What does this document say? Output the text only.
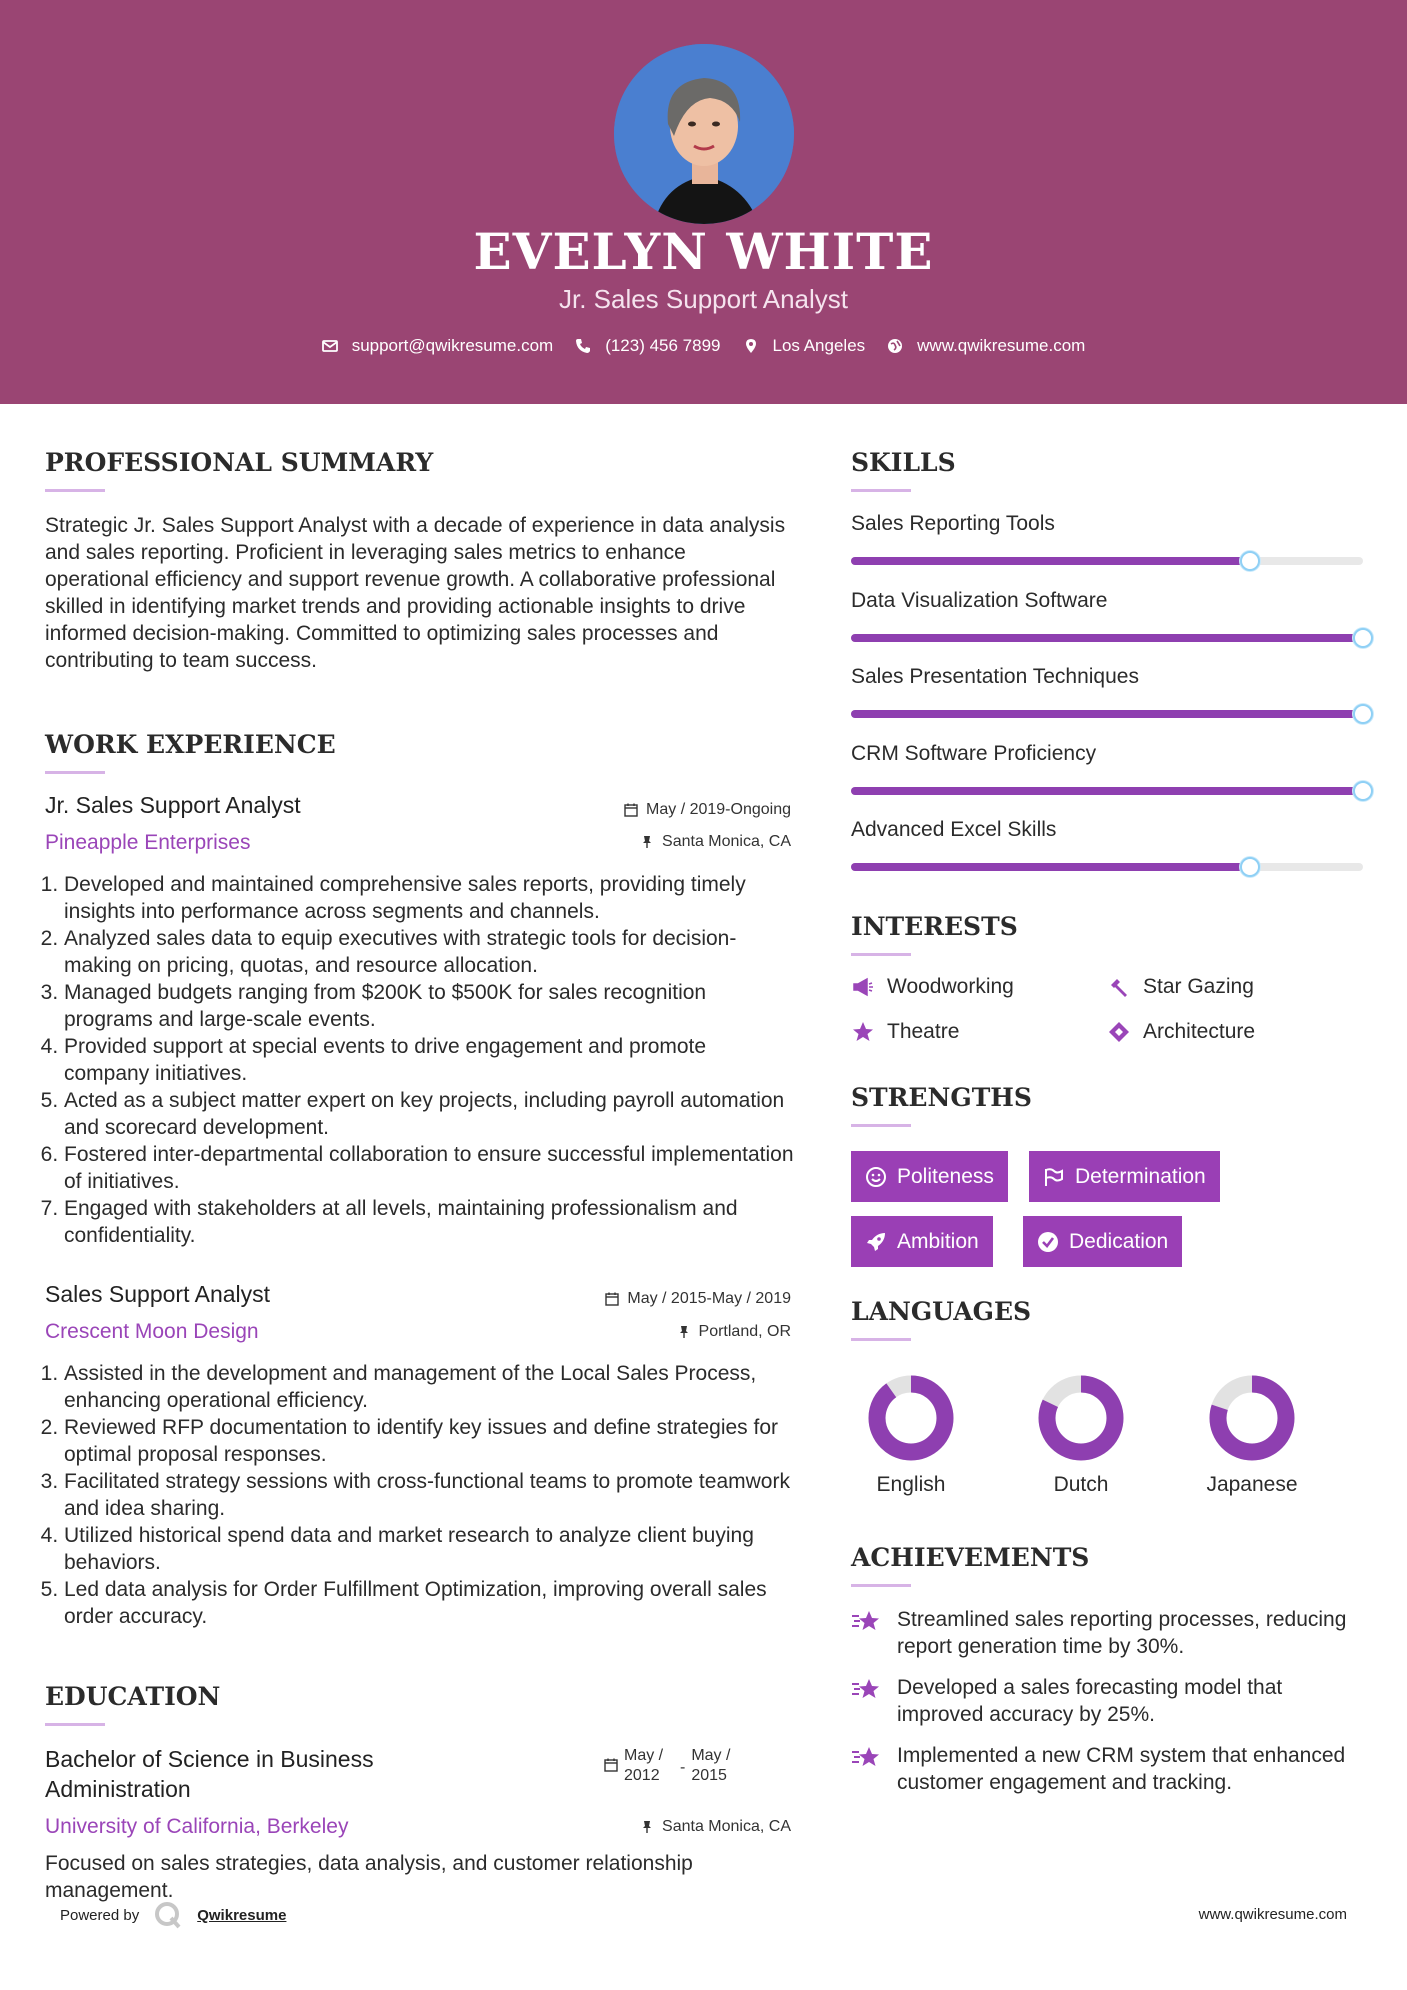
EVELYN WHITE
Jr. Sales Support Analyst
support@qwikresume.com	(123) 456 7899	Los Angeles	www.qwikresume.com
PROFESSIONAL SUMMARY
Strategic Jr. Sales Support Analyst with a decade of experience in data analysis and sales reporting. Proficient in leveraging sales metrics to enhance operational efficiency and support revenue growth. A collaborative professional skilled in identifying market trends and providing actionable insights to drive informed decision-making. Committed to optimizing sales processes and contributing to team success.
WORK EXPERIENCE
Jr. Sales Support Analyst	May / 2019-Ongoing
Pineapple Enterprises	Santa Monica, CA
1. Developed and maintained comprehensive sales reports, providing timely insights into performance across segments and channels.
2. Analyzed sales data to equip executives with strategic tools for decision-making on pricing, quotas, and resource allocation.
3. Managed budgets ranging from $200K to $500K for sales recognition programs and large-scale events.
4. Provided support at special events to drive engagement and promote company initiatives.
5. Acted as a subject matter expert on key projects, including payroll automation and scorecard development.
6. Fostered inter-departmental collaboration to ensure successful implementation of initiatives.
7. Engaged with stakeholders at all levels, maintaining professionalism and confidentiality.
Sales Support Analyst	May / 2015-May / 2019
Crescent Moon Design	Portland, OR
1. Assisted in the development and management of the Local Sales Process, enhancing operational efficiency.
2. Reviewed RFP documentation to identify key issues and define strategies for optimal proposal responses.
3. Facilitated strategy sessions with cross-functional teams to promote teamwork and idea sharing.
4. Utilized historical spend data and market research to analyze client buying behaviors.
5. Led data analysis for Order Fulfillment Optimization, improving overall sales order accuracy.
EDUCATION
Bachelor of Science in Business Administration
May / 2012	-
May / 2015
University of California, Berkeley	Santa Monica, CA
Focused on sales strategies, data analysis, and customer relationship management.
SKILLS
Sales Reporting Tools
Data Visualization Software
Sales Presentation Techniques
CRM Software Proficiency
Advanced Excel Skills
INTERESTS
Woodworking	Star Gazing
Theatre	Architecture
STRENGTHS
Politeness	Determination
Ambition	Dedication
LANGUAGES
English	Dutch	Japanese
ACHIEVEMENTS
Streamlined sales reporting processes, reducing report generation time by 30%.
Developed a sales forecasting model that improved accuracy by 25%.
Implemented a new CRM system that enhanced customer engagement and tracking.
Powered by	Qwikresume	www.qwikresume.com
